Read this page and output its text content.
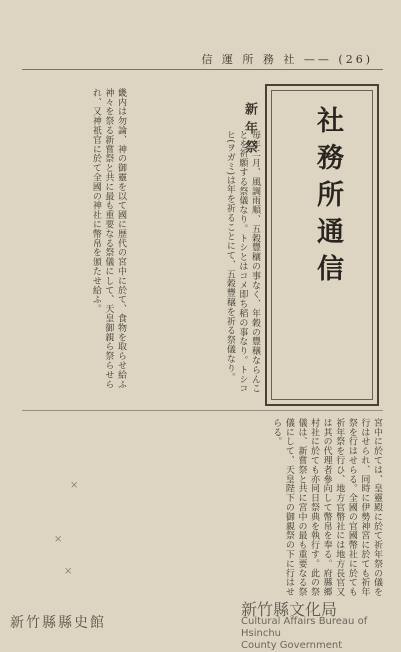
信 運 所 務 社 —— (26)
社務所通信
新年祭
毎年二月、風調雨順、五穀豐穰の事なく、年穀の豐穣ならんことを祈願する祭儀なり。トシとはコメ即ち稻の事なり。トシコヒ(ヲガミ)は年を祈ることにて、五穀豐穣を祈る祭儀なり。
畿内は勿論、神の御靈を以て國に歴代の宮中に於て、食物を取らせ給ふ神々を祭る新嘗祭と共に最も重要なる祭儀にして、天皇御親ら祭らせられ、又神祇官に於て全國の神社に幣帛を頒たせ給ふ。
宮中に於ては、皇靈殿に於て祈年祭の儀を行はせられ、同時に伊勢神宮に於ても祈年祭を行はせらる。全國の官國幣社に於ても祈年祭を行ひ、地方官幣社には地方長官又は其の代理者參向して幣帛を奉る。府縣郷村社に於ても亦同日祭典を執行す。此の祭儀は、新嘗祭と共に宮中の最も重要なる祭儀にして、天皇陛下の御親祭の下に行はせらる。
×
×
×
新竹縣縣史館
新竹縣文化局
Cultural Affairs Bureau of Hsinchu
County Government
